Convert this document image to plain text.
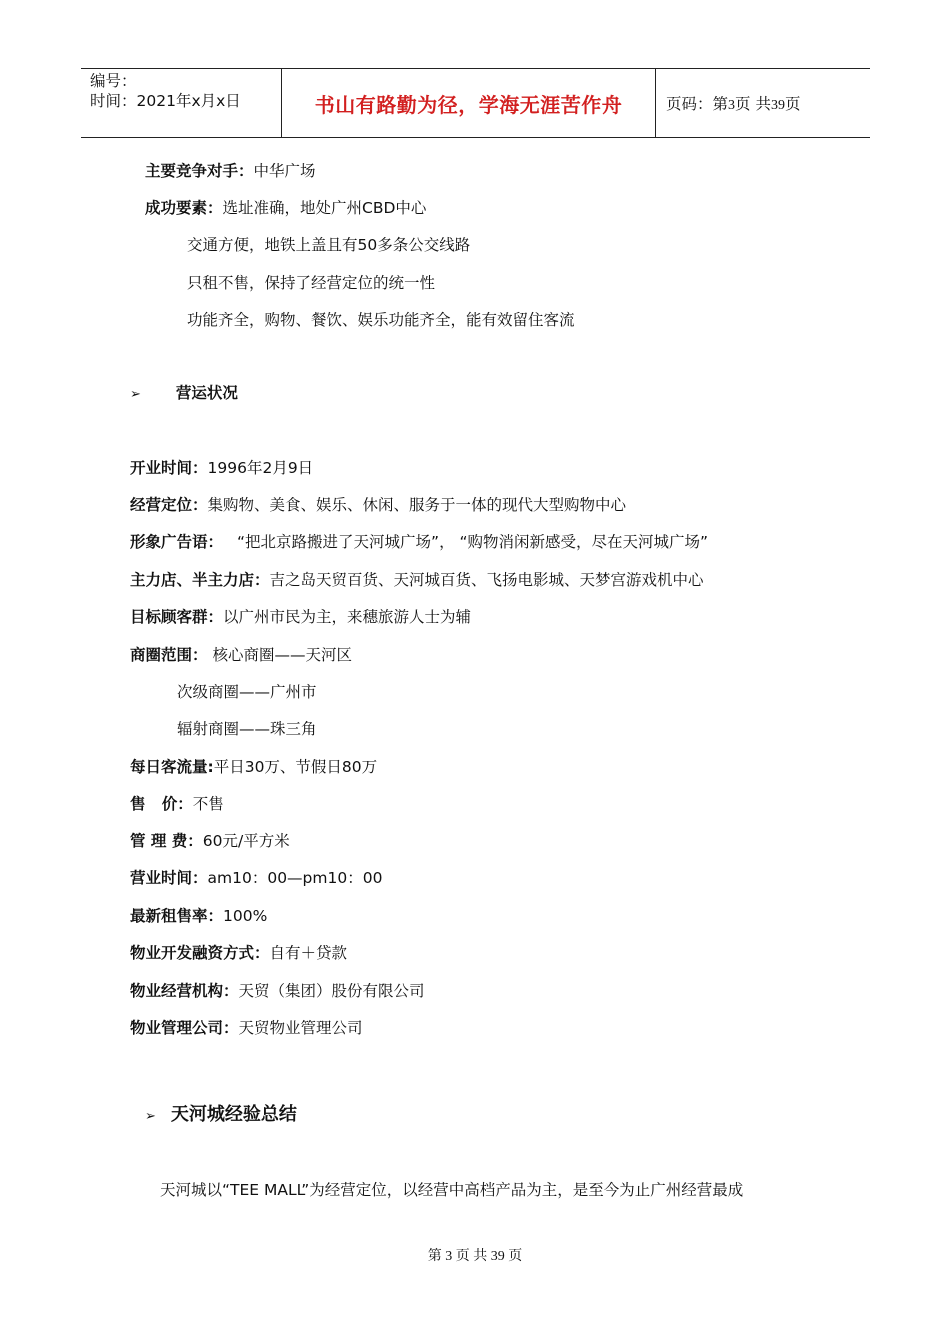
编号：
时间：2021年x月x日	书山有路勤为径，学海无涯苦作舟	页码：第3页 共39页
主要竞争对手：中华广场
成功要素：选址准确，地处广州CBD中心
交通方便，地铁上盖且有50多条公交线路
只租不售，保持了经营定位的统一性
功能齐全，购物、餐饮、娱乐功能齐全，能有效留住客流
➢ 营运状况
开业时间：1996年2月9日
经营定位：集购物、美食、娱乐、休闲、服务于一体的现代大型购物中心
形象广告语： “把北京路搬进了天河城广场”， “购物消闲新感受，尽在天河城广场”
主力店、半主力店：吉之岛天贸百货、天河城百货、飞扬电影城、天梦宫游戏机中心
目标顾客群：以广州市民为主，来穗旅游人士为辅
商圈范围： 核心商圈——天河区
次级商圈——广州市
辐射商圈——珠三角
每日客流量:平日30万、节假日80万
售   价：不售
管 理 费：60元/平方米
营业时间：am10：00—pm10：00
最新租售率：100%
物业开发融资方式：自有＋贷款
物业经营机构：天贸（集团）股份有限公司
物业管理公司：天贸物业管理公司
➢ 天河城经验总结
天河城以“TEE MALL”为经营定位，以经营中高档产品为主，是至今为止广州经营最成
第 3 页 共 39 页
